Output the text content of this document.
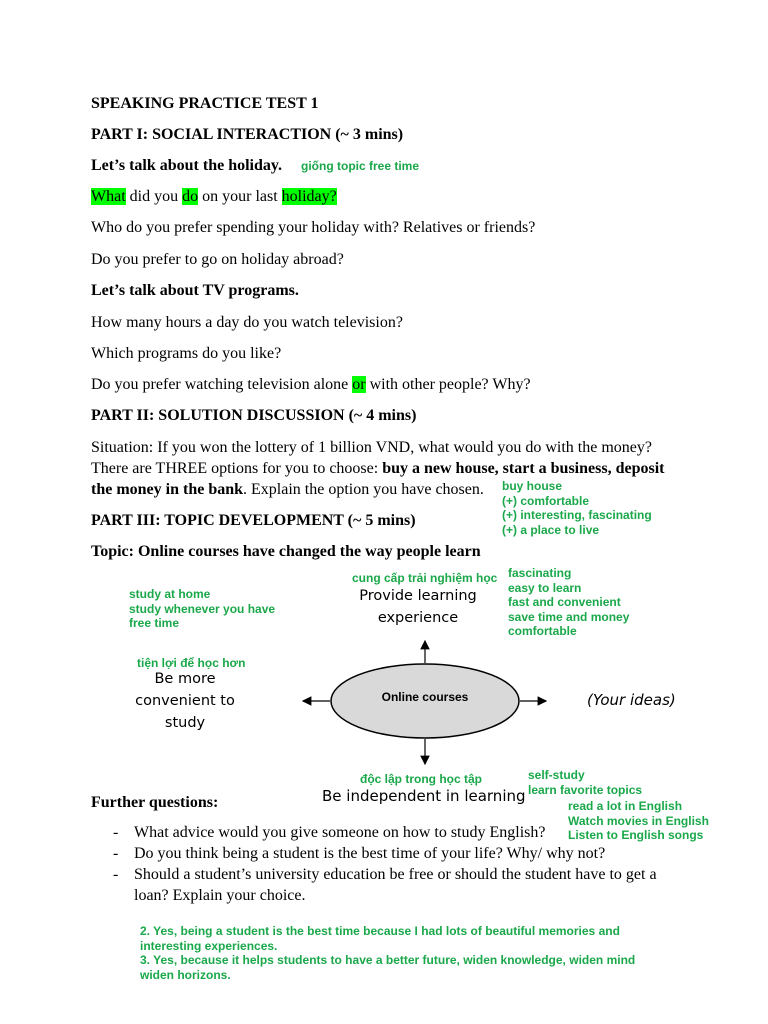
SPEAKING PRACTICE TEST 1
PART I: SOCIAL INTERACTION (~ 3 mins)
Let’s talk about the holiday. giống topic free time
What did you do on your last holiday?
Who do you prefer spending your holiday with? Relatives or friends?
Do you prefer to go on holiday abroad?
Let’s talk about TV programs.
How many hours a day do you watch television?
Which programs do you like?
Do you prefer watching television alone or with other people? Why?
PART II: SOLUTION DISCUSSION (~ 4 mins)
Situation: If you won the lottery of 1 billion VND, what would you do with the money?
There are THREE options for you to choose: buy a new house, start a business, deposit
the money in the bank. Explain the option you have chosen. buy house
(+) comfortable
(+) interesting, fascinating
(+) a place to live
PART III: TOPIC DEVELOPMENT (~ 5 mins)
Topic: Online courses have changed the way people learn
Online courses
cung cấp trải nghiệm học
Provide learning
experience
fascinating
easy to learn
fast and convenient
save time and money
comfortable
study at home
study whenever you have
free time
tiện lợi để học hơn
Be more
convenient to
study
(Your ideas)
độc lập trong học tập
Be independent in learning
self-study
learn favorite topics
read a lot in English
Watch movies in English
Listen to English songs
Further questions:
- What advice would you give someone on how to study English?
- Do you think being a student is the best time of your life? Why/ why not?
- Should a student’s university education be free or should the student have to get a
loan? Explain your choice.
2. Yes, being a student is the best time because I had lots of beautiful memories and
interesting experiences.
3. Yes, because it helps students to have a better future, widen knowledge, widen mind
widen horizons.
